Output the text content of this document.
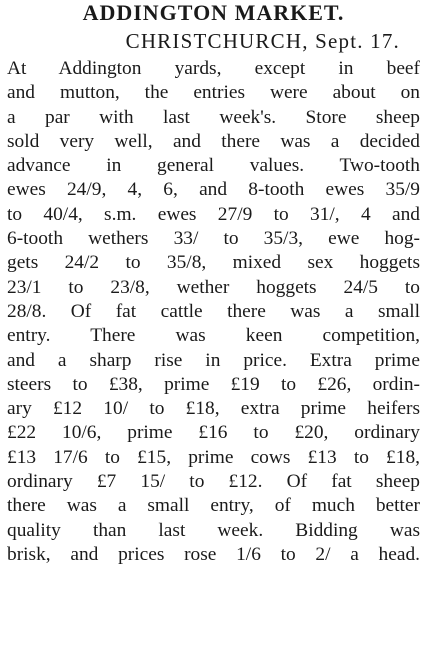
ADDINGTON MARKET.
CHRISTCHURCH, Sept. 17.
At Addington yards, except in beef
and mutton, the entries were about on
a par with last week's. Store sheep
sold very well, and there was a decided
advance in general values. Two-tooth
ewes 24/9, 4, 6, and 8-tooth ewes 35/9
to 40/4, s.m. ewes 27/9 to 31/, 4 and
6-tooth wethers 33/ to 35/3, ewe hog-
gets 24/2 to 35/8, mixed sex hoggets
23/1 to 23/8, wether hoggets 24/5 to
28/8. Of fat cattle there was a small
entry. There was keen competition,
and a sharp rise in price. Extra prime
steers to £38, prime £19 to £26, ordin-
ary £12 10/ to £18, extra prime heifers
£22 10/6, prime £16 to £20, ordinary
£13 17/6 to £15, prime cows £13 to £18,
ordinary £7 15/ to £12. Of fat sheep
there was a small entry, of much better
quality than last week. Bidding was
brisk, and prices rose 1/6 to 2/ a head.
